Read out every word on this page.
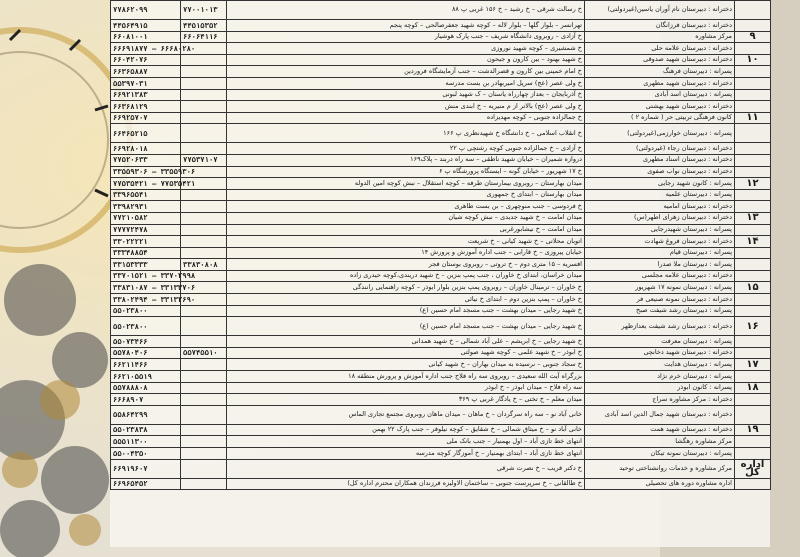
۷۷۸۶۲۰۹۹	۷۷۰۰۱۰۱۳	خ رسالت شرقی – خ رشید – خ ۱۵۶ غربی پ ۸۸	دخترانه : دبیرستان نام آوران یاسین(غیردولتی)	
۴۴۵۶۴۹۱۵	۴۴۵۱۵۳۵۲	تهرانسر – بلوار گلها – بلوار لاله – کوچه شهید جعفرصالحی – کوچه پنجم	دخترانه : دبیرستان فرزانگان	
۶۶۰۸۱۰۰۱	۶۶۰۶۴۱۱۶	خ آزادی – روبروی دانشگاه شریف – جنب پارک هوشیار	مرکز مشاوره	۹
۶۶۶۹۱۸۷۷ – ۶۶۶۸۰۲۸۰		خ شمشیری – کوچه شهید نوروزی	دخترانه : دبیرستان علامه حلی	
۶۶۰۴۲۰۷۶		خ شهید بهنود – بین کارون و جیحون	دخترانه : دبیرستان شهید صدوقی	۱۰
۶۶۳۶۵۸۸۷		خ امام خمینی بین کارون و قصرالدشت – جنب آزمایشگاه فروردین	پسرانه : دبیرستان فرهنگ	
۵۵۳۹۷۰۳۱		خ ولی عصر (عج) سرپل امیربهادر بن بست مدرسه	دخترانه : دبیرستان شهید مطهری	
۶۶۹۲۱۳۸۳		خ آذربایجان – بعداز چهارراه یاسنان – ک شهید لبونی	پسرانه : دبیرستان اسد آبادی	
۶۶۳۶۸۱۲۹		خ ولی عصر (عج) بالاتر از م منیریه – خ ابندی منش	دخترانه : دبیرستان شهید بهشتی	
۶۶۹۲۵۷۰۷		خ جمالزاده جنوبی – کوچه مهدیزاده	کانون فرهنگی تربیتی حر ( شماره ۲ )	۱۱
۶۶۴۶۵۲۱۵		خ انقلاب اسلامی – خ دانشگاه خ شهیدنظری پ ۱۶۶	پسرانه : دبیرستان خوارزمی(غیردولتی)	
۶۶۹۲۸۰۱۸		خ آزادی – خ جمالزاده جنوبی کوچه رشتچی پ ۲۲	دخترانه : دبیرستان رجاء (غیردولتی)	
۷۷۵۲۰۶۳۳	۷۷۵۳۷۱۰۷	دروازه شمیران – خیابان شهید ناطقی – سه راه دربند – پلاک۱۶۹	دخترانه : دبیرستان اسناد مطهری	
۳۳۵۵۹۳۰۶ – ۳۳۵۵۹۳۰۶		خ ۱۷ شهریور – خیابان گونه – ایستگاه پرورشگاه پ ۶	دخترانه : دبیرستان نواب صفوی	
۷۷۵۳۵۴۲۱ – ۷۷۵۳۵۴۲۱		میدان بهارستان – روبروی بیمارستان طرفه – کوچه استقلال – نبش کوچه امین الدوله	پسرانه : کانون شهید رجایی	۱۲
۳۳۹۶۵۵۴۱		میدان بهارستان – ابتدای خ جمهوری	پسرانه : دبیرستان علمیه	
۳۳۹۸۲۹۳۱		خ فردوسی – جنب منوچهری – بن بست طاهری	دخترانه : دبیرستان امامیه	
۷۷۲۱۰۵۸۲		میدان امامت – خ شهید جدیدی – نبش کوچه شیان	دخترانه : دبیرستان زهرای اطهر(س)	۱۳
۷۷۷۷۲۴۷۸		میدان امامت – خ نیشابورغربی	پسرانه : دبیرستان شهیدرجایی	
۳۳۰۲۲۲۲۱		اتوبان محلاتی – خ شهید کیانی – خ شریعت	دخترانه : دبیرستان فروغ شهادت	۱۴
۳۳۳۴۸۸۵۴		خیابان پیروزی – خ قارابی – جنب اداره آموزش و پرورش ۱۴	پسرانه : دبیرستان قیام	
۳۳۱۵۳۳۳۳	۳۳۸۳۰۸۰۸	افسریه – ۱۵ متری دوم – خ تروتی – روبروی بوستان فجر	پسرانه : دبیرستان ملا صدرا	
۳۳۷۰۱۵۲۱ – ۳۳۷۰۲۹۹۸		میدان خراسان، ابتدای خ خاوران ، جنب پمپ بنزین – خ شهید دریندی،کوچه حیدری زاده	دخترانه : دبیرستان علامه مجلسی	
۳۳۸۳۱۰۸۷ – ۳۳۱۳۳۷۰۶		خ خاوران – ترمینال خاوران – روبروی پمپ بنزین بلوار ابوذر – کوچه راهنمایی رانندگی	پسرانه : دبیرستان نمونه ۱۷ شهریور	۱۵
۳۳۸۰۲۴۹۴ – ۳۳۱۳۲۶۹۰		خ خاوران – پمپ بنزین دوم – ابتدای خ نیائی	دخترانه : دبیرستان نمونه صنیعی فر	
۵۵۰۲۳۸۰۰		خ شهید رجایی – میدان بهشت – جنب مسجد امام حسین (ع)	پسرانه : دبیرستان رشد شیفت صبح	
۵۵۰۲۳۸۰۰		خ شهید رجایی – میدان بهشت – جنب مسجد امام حسین (ع)	دخترانه : دبیرستان رشد شیفت بعدازظهر	۱۶
۵۵۰۷۳۴۶۶		خ شهید رجایی – خ ابریشم – علی آباد شمالی – خ شهید همدانی	پسرانه : دبیرستان معرفت	
۵۵۷۸۰۴۰۶	۵۵۷۴۵۵۱۰	خ ابوذر – خ شهید علمی – کوچه شهید صولتی	دخترانه : دبیرستان شهید دخانچی	
۶۶۲۱۱۴۶۶		خ سجاد جنوبی – نرسیده به میدان بهاران – خ شهید کیانی	پسرانه : دبیرستان هدایت	۱۷
۶۶۲۱۰۵۵۱۹		بزرگراه آیت الله سعیدی – روبروی سه راه فلاح جنب اداره آموزش و پرورش منطقه ۱۸	پسرانه : دبیرستان خرم نژاد	
۵۵۷۸۸۸۰۸		سه راه فلاح – میدان ابوذر – خ ابوذر	پسرانه : کانون ابوذر	۱۸
۶۶۶۸۹۰۷		میدان معلم – خ تختی – خ یادگار غربی پ ۳۶۹	دخترانه : مرکز مشاوره سراج	
۵۵۸۶۴۲۹۹		خانی آباد نو – سه راه سرگردان – خ ماهان – میدان ماهان روبروی مجتمع تجاری الماس	دخترانه : دبیرستان شهید جمال الدین اسد آبادی	
۵۵۰۲۳۸۳۸		خانی آباد نو – خ میثاق شمالی – خ شقایق – کوچه نیلوفر – جنب پارک ۲۲ بهمن	دخترانه : دبیرستان شهید همت	۱۹
۵۵۵۱۱۳۰۰		انتهای خط تازی آباد – اول بهمنیار – جنب بانک ملی	مرکز مشاوره رهگشا	
۵۵۰۰۴۳۵۰		انتهای خط تازی آباد – ابتدای بهمنیار – خ آموزگار کوچه مدرسه	پسرانه : دبیرستان نمونه تیکان	
۶۶۹۱۹۶۰۷		خ دکتر قریب – خ نصرت شرقی	مرکز مشاوره و خدمات روانشناختی توحید	اداره کل
۶۶۹۶۵۴۵۲		خ طالقانی – خ سرپرست جنوبی – ساختمان الاولیزه فرزندان همکاران محترم اداره کل)	اداره مشاوره دوره های تحصیلی	
